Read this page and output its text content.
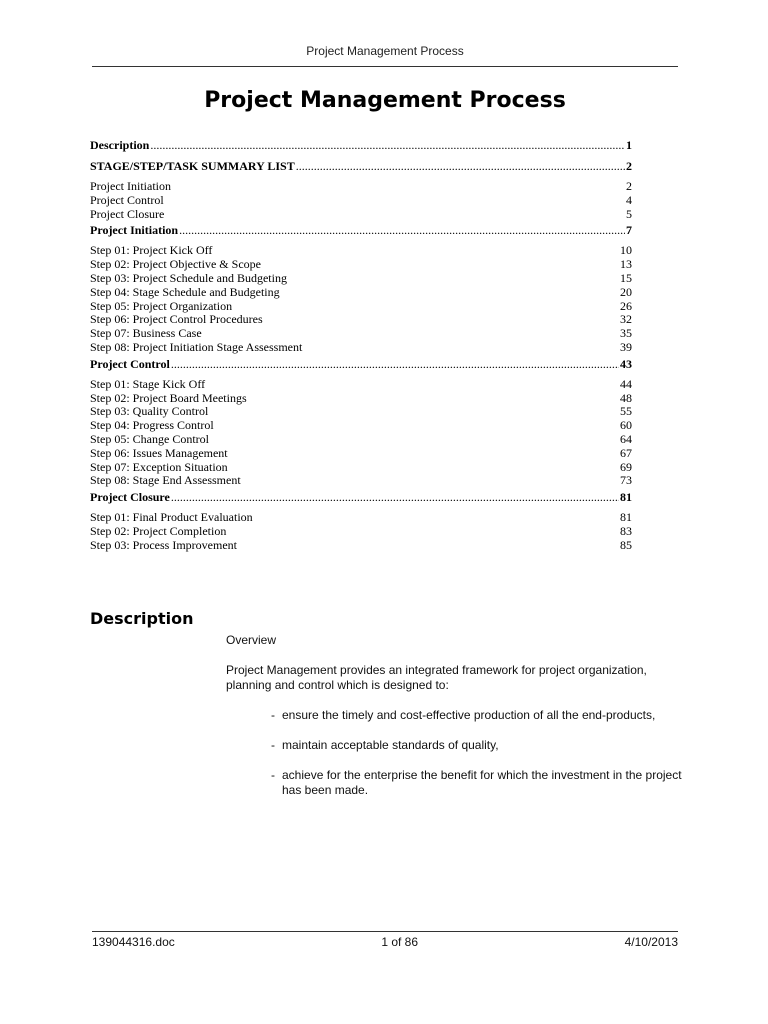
Project Management Process
Project Management Process
Description .....	1
STAGE/STEP/TASK SUMMARY LIST .....	2
Project Initiation	2
Project Control	4
Project Closure	5
Project Initiation .....	7
Step 01: Project Kick Off	10
Step 02: Project Objective & Scope	13
Step 03: Project Schedule and Budgeting	15
Step 04: Stage Schedule and Budgeting	20
Step 05: Project Organization	26
Step 06: Project Control Procedures	32
Step 07: Business Case	35
Step 08: Project Initiation Stage Assessment	39
Project Control .....	43
Step 01: Stage Kick Off	44
Step 02: Project Board Meetings	48
Step 03: Quality Control	55
Step 04: Progress Control	60
Step 05: Change Control	64
Step 06: Issues Management	67
Step 07: Exception Situation	69
Step 08: Stage End Assessment	73
Project Closure .....	81
Step 01: Final Product Evaluation	81
Step 02: Project Completion	83
Step 03: Process Improvement	85
Description

Overview

Project Management provides an integrated framework for project organization, planning and control which is designed to:

- ensure the timely and cost-effective production of all the end-products,
- maintain acceptable standards of quality,
- achieve for the enterprise the benefit for which the investment in the project has been made.
139044316.doc	1 of 86	4/10/2013
